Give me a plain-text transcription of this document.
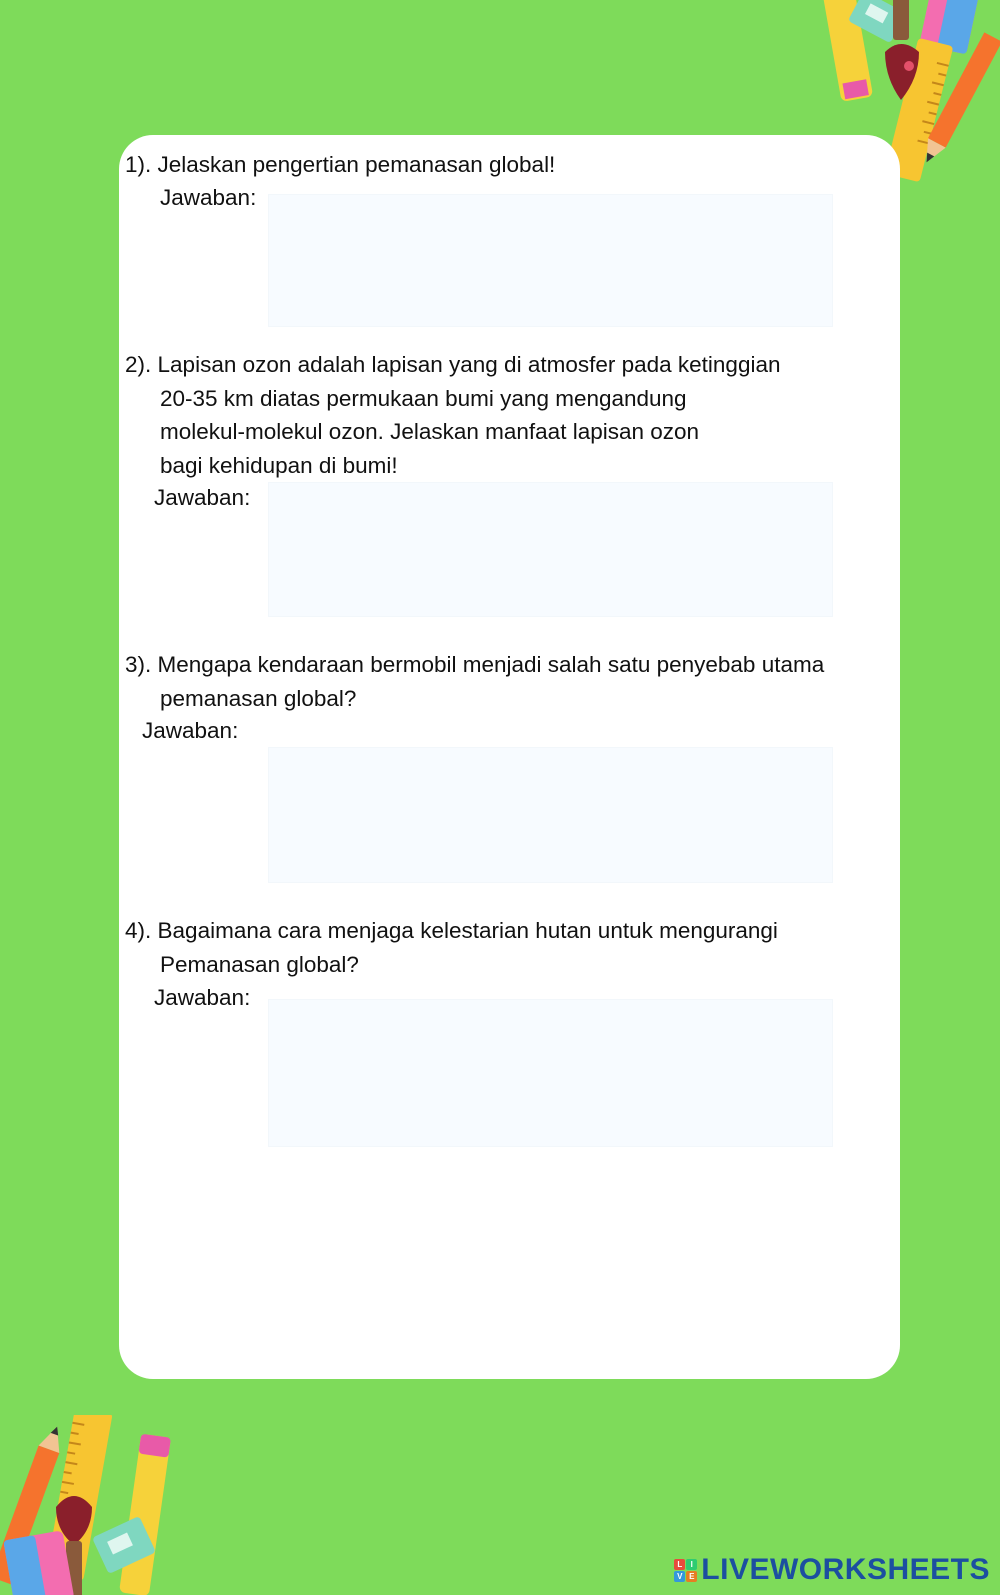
1). Jelaskan pengertian pemanasan global!
Jawaban:
2). Lapisan ozon adalah lapisan yang di atmosfer pada ketinggian
20-35 km diatas permukaan bumi yang mengandung
molekul-molekul ozon. Jelaskan manfaat lapisan ozon
bagi kehidupan di bumi!
Jawaban:
3). Mengapa kendaraan bermobil menjadi salah satu penyebab utama
pemanasan global?
Jawaban:
4). Bagaimana cara menjaga kelestarian hutan untuk mengurangi
Pemanasan global?
Jawaban:
L	I
V E LIVEWORKSHEETS
